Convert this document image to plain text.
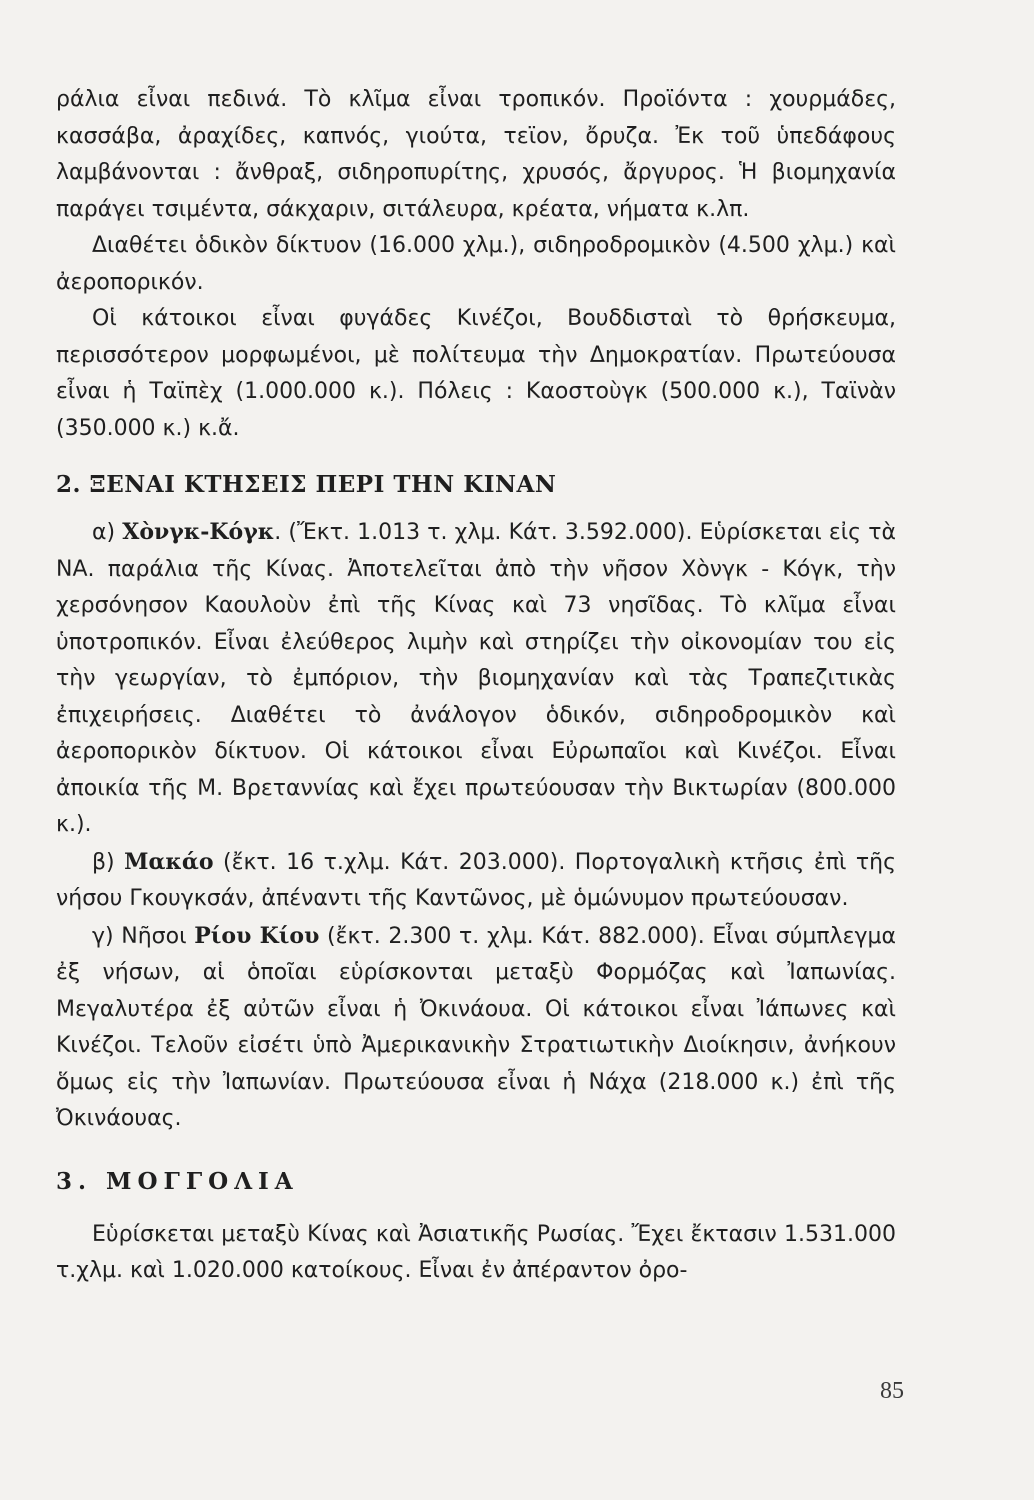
ράλια εἶναι πεδινά. Τὸ κλῖμα εἶναι τροπικόν. Προϊόντα : χουρμάδες, κασσάβα, ἀραχίδες, καπνός, γιούτα, τεϊον, ὄρυζα. Ἐκ τοῦ ὑπεδάφους λαμβάνονται : ἄνθραξ, σιδηροπυρίτης, χρυσός, ἄργυρος. Ἡ βιομηχανία παράγει τσιμέντα, σάκχαριν, σιτάλευρα, κρέατα, νήματα κ.λπ.

Διαθέτει ὁδικὸν δίκτυον (16.000 χλμ.), σιδηροδρομικὸν (4.500 χλμ.) καὶ ἀεροπορικόν.

Οἱ κάτοικοι εἶναι φυγάδες Κινέζοι, Βουδδισταὶ τὸ θρήσκευμα, περισσότερον μορφωμένοι, μὲ πολίτευμα τὴν Δημοκρατίαν. Πρωτεύουσα εἶναι ἡ Ταϊπὲχ (1.000.000 κ.). Πόλεις : Καοστοὺγκ (500.000 κ.), Ταϊνὰν (350.000 κ.) κ.ἄ.

2. ΞΕΝΑΙ ΚΤΗΣΕΙΣ ΠΕΡΙ ΤΗΝ ΚΙΝΑΝ

α) Χὸνγκ-Κόγκ. (Ἔκτ. 1.013 τ. χλμ. Κάτ. 3.592.000). Εὑρίσκεται εἰς τὰ ΝΑ. παράλια τῆς Κίνας. Ἀποτελεῖται ἀπὸ τὴν νῆσον Χὸνγκ - Κόγκ, τὴν χερσόνησον Καουλοὺν ἐπὶ τῆς Κίνας καὶ 73 νησῖδας. Τὸ κλῖμα εἶναι ὑποτροπικόν. Εἶναι ἐλεύθερος λιμὴν καὶ στηρίζει τὴν οἰκονομίαν του εἰς τὴν γεωργίαν, τὸ ἐμπόριον, τὴν βιομηχανίαν καὶ τὰς Τραπεζιτικὰς ἐπιχειρήσεις. Διαθέτει τὸ ἀνάλογον ὁδικόν, σιδηροδρομικὸν καὶ ἀεροπορικὸν δίκτυον. Οἱ κάτοικοι εἶναι Εὐρωπαῖοι καὶ Κινέζοι. Εἶναι ἀποικία τῆς Μ. Βρεταννίας καὶ ἔχει πρωτεύουσαν τὴν Βικτωρίαν (800.000 κ.).

β) Μακάο (ἔκτ. 16 τ.χλμ. Κάτ. 203.000). Πορτογαλικὴ κτῆσις ἐπὶ τῆς νήσου Γκουγκσάν, ἀπέναντι τῆς Καντῶνος, μὲ ὁμώνυμον πρωτεύουσαν.

γ) Νῆσοι Ρίου Κίου (ἔκτ. 2.300 τ. χλμ. Κάτ. 882.000). Εἶναι σύμπλεγμα ἐξ νήσων, αἱ ὁποῖαι εὑρίσκονται μεταξὺ Φορμόζας καὶ Ἰαπωνίας. Μεγαλυτέρα ἐξ αὐτῶν εἶναι ἡ Ὀκινάουα. Οἱ κάτοικοι εἶναι Ἰάπωνες καὶ Κινέζοι. Τελοῦν εἰσέτι ὑπὸ Ἀμερικανικὴν Στρατιωτικὴν Διοίκησιν, ἀνήκουν ὅμως εἰς τὴν Ἰαπωνίαν. Πρωτεύουσα εἶναι ἡ Νάχα (218.000 κ.) ἐπὶ τῆς Ὀκινάουας.

3. ΜΟΓΓΟΛΙΑ

Εὑρίσκεται μεταξὺ Κίνας καὶ Ἀσιατικῆς Ρωσίας. Ἔχει ἔκτασιν 1.531.000 τ.χλμ. καὶ 1.020.000 κατοίκους. Εἶναι ἐν ἀπέραντον ὀρο-

85
